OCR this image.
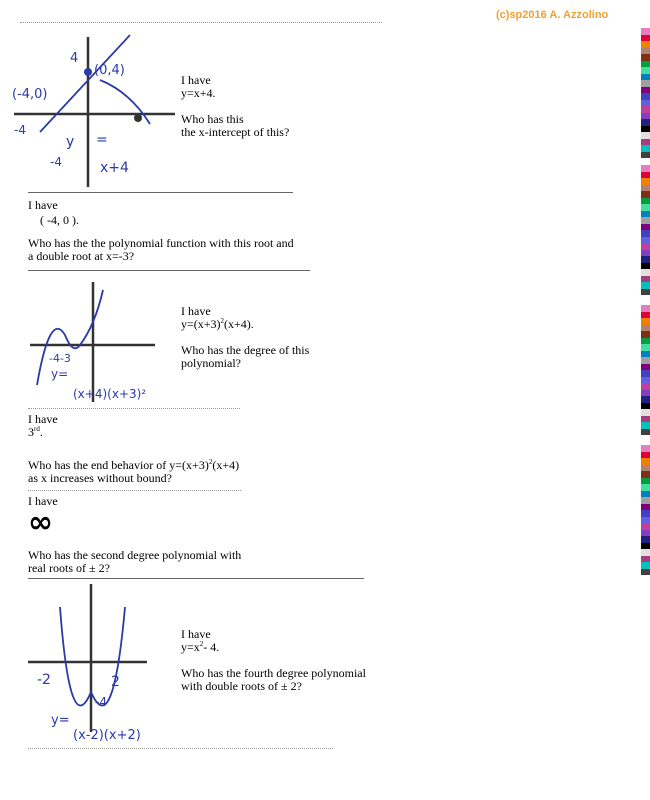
(c)sp2016 A. Azzolino
4
(0,4)
(-4,0)
-4
-4
y =
x+4

I have

y=x+4.

Who has this

the x-intercept of this?

I have

( -4, 0 ).

Who has the the polynomial function with this root and

a double root at x=-3?

-4-3
y=
(x+4)(x+3)²

I have

$y=(x+3)^2(x+4)$.

Who has the degree of this

polynomial?

I have

3rd.

Who has the end behavior of $y=(x+3)^2(x+4)$

as x increases without bound?

I have

∞

Who has the second degree polynomial with

real roots of ± 2?

-2	2
-4
y=
(x-2)(x+2)

I have

$y=x^2-$ 4.

Who has the fourth degree polynomial

with double roots of ± 2?
